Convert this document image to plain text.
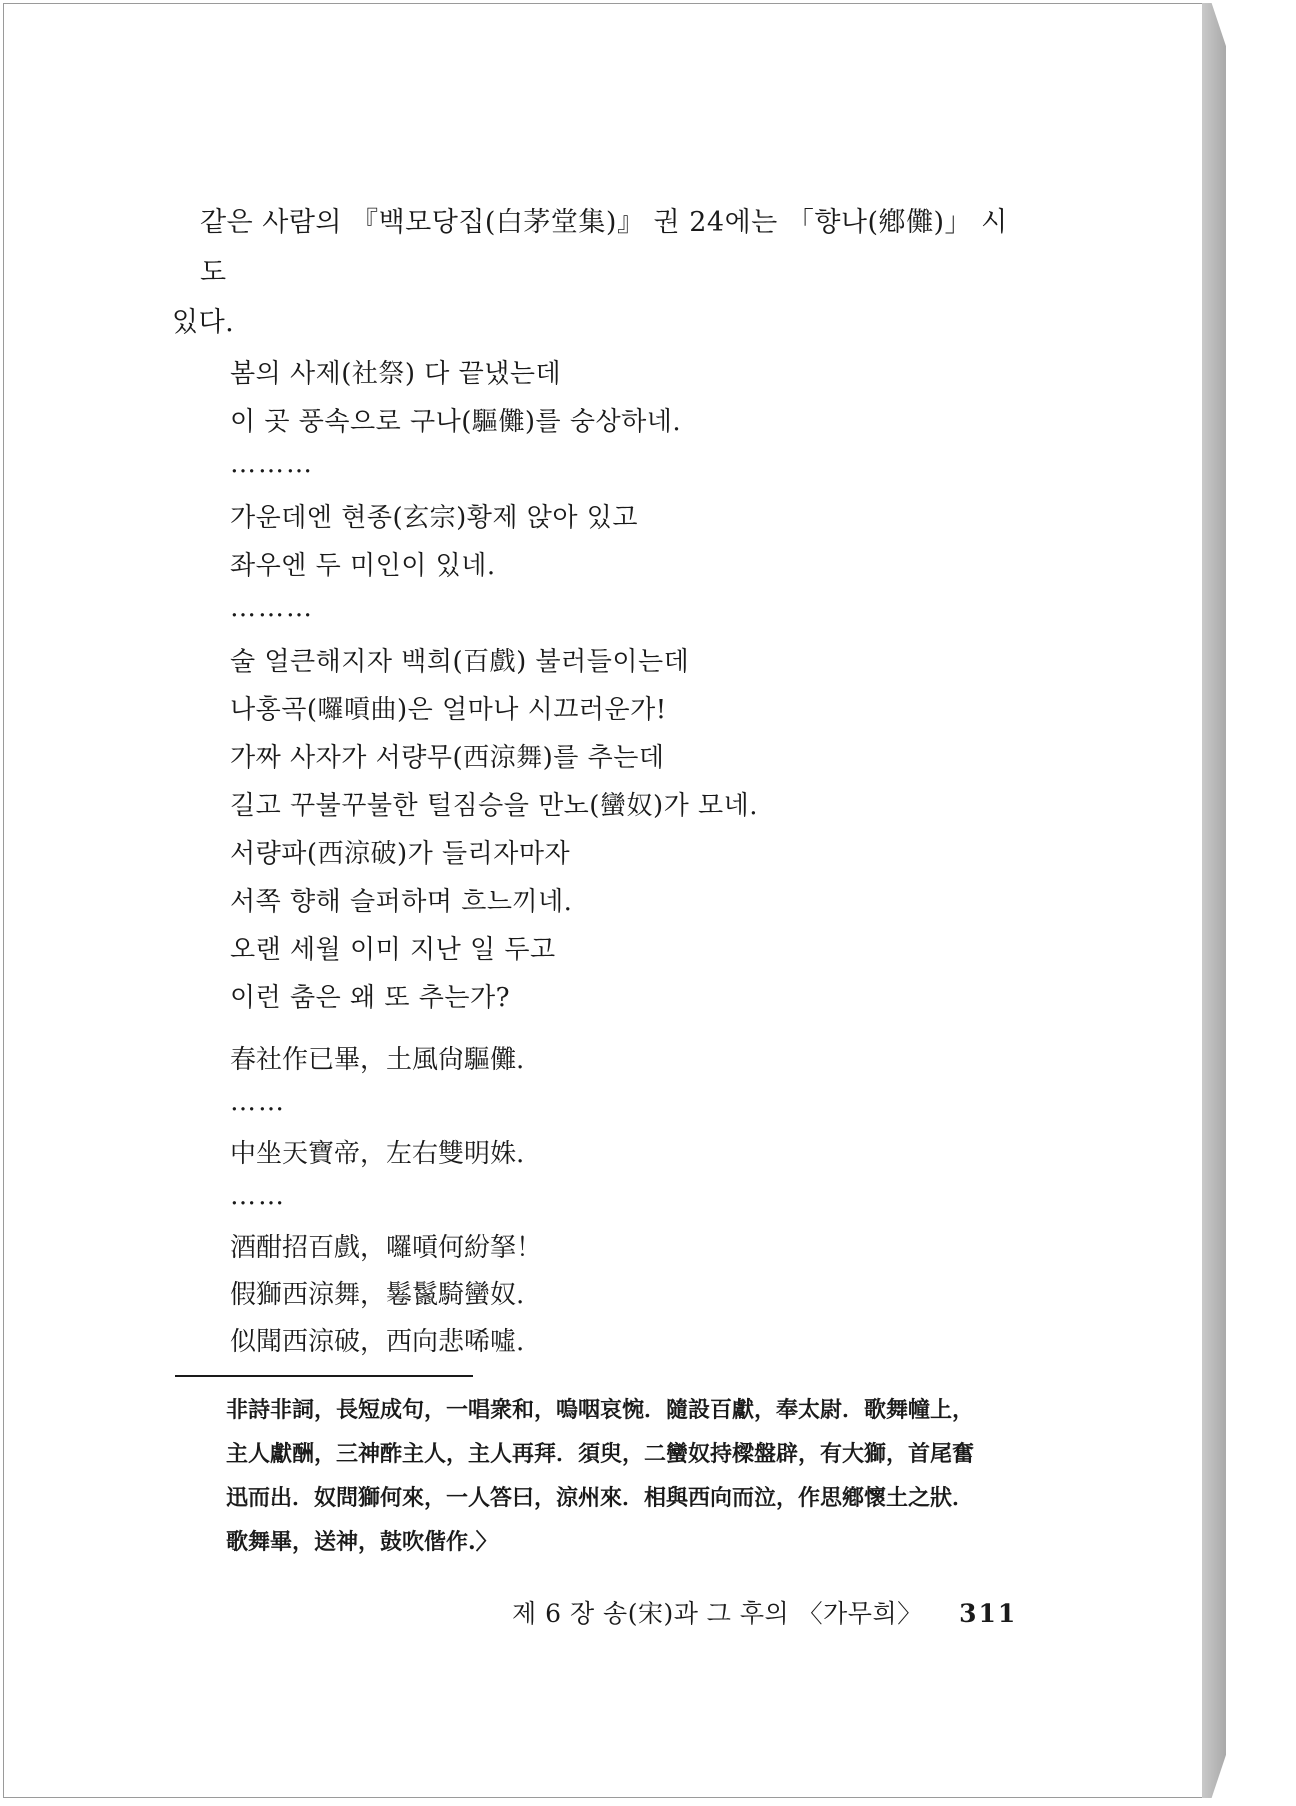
같은 사람의 『백모당집(白茅堂集)』 권 24에는 「향나(鄕儺)」 시도
있다.
봄의 사제(社祭) 다 끝냈는데
이 곳 풍속으로 구나(驅儺)를 숭상하네.
………
가운데엔 현종(玄宗)황제 앉아 있고
좌우엔 두 미인이 있네.
………
술 얼큰해지자 백희(百戲) 불러들이는데
나홍곡(囉嗊曲)은 얼마나 시끄러운가!
가짜 사자가 서량무(西涼舞)를 추는데
길고 꾸불꾸불한 털짐승을 만노(蠻奴)가 모네.
서량파(西涼破)가 들리자마자
서쪽 향해 슬퍼하며 흐느끼네.
오랜 세월 이미 지난 일 두고
이런 춤은 왜 또 추는가?
春社作已畢，土風尙驅儺.
……
中坐天寶帝，左右雙明姝.
……
酒酣招百戲，囉嗊何紛拏！
假獅西涼舞，鬈鬣騎蠻奴.
似聞西涼破，西向悲唏噓.
非詩非詞，長短成句，一唱衆和，嗚咽哀惋．隨設百獻，奉太尉．歌舞幢上，
主人獻酬，三神酢主人，主人再拜．須臾，二蠻奴持樑盤辟，有大獅，首尾奮
迅而出．奴問獅何來，一人答曰，涼州來．相與西向而泣，作思鄕懷土之狀．
歌舞畢，送神，鼓吹偕作.〉
제 6 장 송(宋)과 그 후의 〈가무희〉 311
